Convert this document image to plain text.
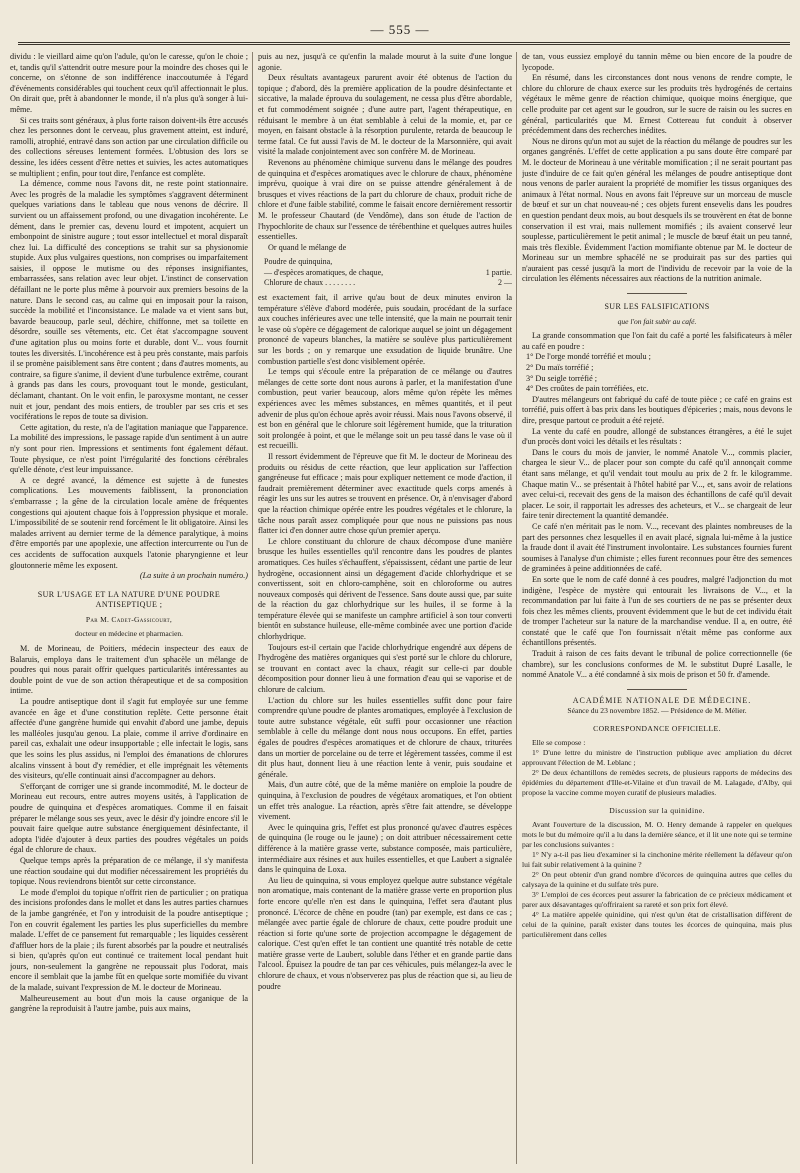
— 555 —

dividu : le vieillard aime qu'on l'adule, qu'on le caresse, qu'on le choie ; et, tandis qu'il s'attendrit outre mesure pour la moindre des choses qui le concerne, on s'étonne de son indifférence inaccoutumée à l'égard d'événements considérables qui touchent ceux qu'il affectionnait le plus. On dirait que, prêt à abandonner le monde, il n'a plus qu'à songer à lui-même.

Si ces traits sont généraux, à plus forte raison doivent-ils être accusés chez les personnes dont le cerveau, plus gravement atteint, est induré, ramolli, atrophié, entravé dans son action par une circulation difficile ou des collections séreuses lentement formées. L'obtusion des lors se dessine, les idées cessent d'être nettes et suivies, les actes automatiques se multiplient ; enfin, pour tout dire, l'enfance est complète.

La démence, comme nous l'avons dit, ne reste point stationnaire. Avec les progrès de la maladie les symptômes s'aggravent déterminent quelques variations dans le tableau que nous venons de décrire. Il survient ou un affaissement profond, ou une divagation incohérente. Le dément, dans le premier cas, devenu lourd et impotent, acquiert un embonpoint de sinistre augure ; tout essor intellectuel et moral disparaît chez lui. La difficulté des conceptions se trahit sur sa physionomie stupide. Aux plus vulgaires questions, non comprises ou imparfaitement saisies, il oppose le mutisme ou des réponses insignifiantes, embarrassées, sans relation avec leur objet. L'instinct de conservation défaillant ne le porte plus même à pourvoir aux premiers besoins de la nature. Dans le second cas, au calme qui en imposait pour la raison, succède la mobilité et l'inconsistance. Le malade va et vient sans but, bavarde beaucoup, parle seul, déchire, chiffonne, met sa toilette en désordre, souille ses vêtements, etc. Cet état s'accompagne souvent d'une agitation plus ou moins forte et durable, dont V... vous fournit toutes les diversités. L'incohérence est à peu près constante, mais parfois il se promène paisiblement sans être content ; dans d'autres moments, au contraire, sa figure s'anime, il devient d'une turbulence extrême, courant à grands pas dans les cours, provoquant tout le monde, gesticulant, déclamant, chantant. On le voit enfin, le paroxysme montant, ne cesser nuit et jour, pendant des mois entiers, de troubler par ses cris et ses vociférations le repos de toute sa division.

Cette agitation, du reste, n'a de l'agitation maniaque que l'apparence. La mobilité des impressions, le passage rapide d'un sentiment à un autre n'y sont pour rien. Impressions et sentiments font également défaut. Toute physique, ce n'est point l'irrégularité des fonctions cérébrales qu'elle dénote, c'est leur impuissance.

A ce degré avancé, la démence est sujette à de funestes complications. Les mouvements faiblissent, la prononciation s'embarrasse ; la gêne de la circulation locale amène de fréquentes congestions qui ajoutent chaque fois à l'oppression physique et morale. L'impossibilité de se soutenir rend forcément le lit obligatoire. Ainsi les malades arrivent au dernier terme de la démence paralytique, à moins d'être emportés par une apoplexie, une affection intercurrente ou l'un de ces accidents de suffocation auxquels l'atonie pharyngienne et leur gloutonnerie même les exposent.

(La suite à un prochain numéro.)

SUR L'USAGE ET LA NATURE D'UNE POUDRE ANTISEPTIQUE ;

Par M. Cadet-Gassicourt,

docteur en médecine et pharmacien.

M. de Morineau, de Poitiers, médecin inspecteur des eaux de Balaruis, employa dans le traitement d'un sphacèle un mélange de poudres qui nous parait offrir quelques particularités intéressantes au double point de vue de son action thérapeutique et de sa composition intime.

La poudre antiseptique dont il s'agit fut employée sur une femme avancée en âge et d'une constitution replète. Cette personne était affectée d'une gangrène humide qui envahit d'abord une jambe, depuis les malléoles jusqu'au genou. La plaie, comme il arrive d'ordinaire en pareil cas, exhalait une odeur insupportable ; elle infectait le logis, sans que les soins les plus assidus, ni l'emploi des émanations de chlorures alcalins vinssent à bout d'y remédier, et elle imprégnait les vêtements des visiteurs, qu'elle continuait ainsi d'accompagner au dehors.

S'efforçant de corriger une si grande incommodité, M. le docteur de Morineau eut recours, entre autres moyens usités, à l'application de poudre de quinquina et d'espèces aromatiques. Comme il en faisait préparer le mélange sous ses yeux, avec le désir d'y joindre encore s'il le pouvait faire quelque autre substance énergiquement désinfectante, il adopta l'idée d'ajouter à deux parties des poudres végétales un poids égal de chlorure de chaux.

Quelque temps après la préparation de ce mélange, il s'y manifesta une réaction soudaine qui dut modifier nécessairement les propriétés du topique. Nous reviendrons bientôt sur cette circonstance.

Le mode d'emploi du topique n'offrit rien de particulier ; on pratiqua des incisions profondes dans le mollet et dans les autres parties charnues de la jambe gangrénée, et l'on y introduisit de la poudre antiseptique ; l'on en couvrit également les parties les plus superficielles du membre malade. L'effet de ce pansement fut remarquable ; les liquides cessèrent d'affluer hors de la plaie ; ils furent absorbés par la poudre et neutralisés si bien, qu'après qu'on eut continué ce traitement local pendant huit jours, non-seulement la gangrène ne repoussait plus l'odorat, mais encore il semblait que la jambe fût en quelque sorte momifiée du vivant de la malade, suivant l'expression de M. le docteur de Morineau.

Malheureusement au bout d'un mois la cause organique de la gangrène la reproduisit à l'autre jambe, puis aux mains,

puis au nez, jusqu'à ce qu'enfin la malade mourut à la suite d'une longue agonie.

Deux résultats avantageux parurent avoir été obtenus de l'action du topique ; d'abord, dès la première application de la poudre désinfectante et siccative, la malade éprouva du soulagement, ne cessa plus d'être abordable, et fut commodément soignée ; d'une autre part, l'agent thérapeutique, en réduisant le membre à un état semblable à celui de la momie, et, par ce moyen, en faisant obstacle à la résorption purulente, retarda de beaucoup le terme fatal. Ce fut aussi l'avis de M. le docteur de la Marsonnière, qui avait visité la malade conjointement avec son confrère M. de Morineau.

Revenons au phénomène chimique survenu dans le mélange des poudres de quinquina et d'espèces aromatiques avec le chlorure de chaux, phénomène imprévu, quoique à vrai dire on se puisse attendre généralement à de brusques et vives réactions de la part du chlorure de chaux, produit riche de chlore et d'une faible stabilité, comme le faisait encore dernièrement ressortir M. le professeur Chautard (de Vendôme), dans son étude de l'action de l'hypochlorite de chaux sur l'essence de térébenthine et quelques autres huiles essentielles.

Or quand le mélange de

Poudre de quinquina,
— d'espèces aromatiques, de chaque,	1 partie.
Chlorure de chaux . . . . . . . .	2 —

est exactement fait, il arrive qu'au bout de deux minutes environ la température s'élève d'abord modérée, puis soudain, procédant de la surface aux couches inférieures avec une telle intensité, que la main ne pourrait tenir le vase où s'opère ce dégagement de calorique auquel se joint un dégagement prononcé de vapeurs blanches, la matière se soulève plus particulièrement sur les bords ; on y remarque une exsudation de liquide brunâtre. Une combustion partielle s'est donc visiblement opérée.

Le temps qui s'écoule entre la préparation de ce mélange ou d'autres mélanges de cette sorte dont nous aurons à parler, et la manifestation d'une combustion, peut varier beaucoup, alors même qu'on répète les mêmes expériences avec les mêmes substances, en mêmes quantités, et il peut advenir de plus qu'on échoue après avoir réussi. Mais nous l'avons observé, il est bon en général que le chlorure soit légèrement humide, que la trituration soit prolongée à point, et que le mélange soit un peu tassé dans le vase où il est recueilli.

Il ressort évidemment de l'épreuve que fit M. le docteur de Morineau des produits ou résidus de cette réaction, que leur application sur l'affection gangréneuse fut efficace ; mais pour expliquer nettement ce mode d'action, il faudrait premièrement déterminer avec exactitude quels corps amenés à réagir les uns sur les autres se trouvent en présence. Or, à n'envisager d'abord que la réaction chimique opérée entre les poudres végétales et le chlorure, la tâche nous paraît assez compliquée pour que nous ne puissions pas nous flatter ici d'en donner autre chose qu'un premier aperçu.

Le chlore constituant du chlorure de chaux décompose d'une manière brusque les huiles essentielles qu'il rencontre dans les poudres de plantes aromatiques. Ces huiles s'échauffent, s'épaississent, cédant une partie de leur hydrogène, occasionnent ainsi un dégagement d'acide chlorhydrique et se convertissent, soit en chloro-camphène, soit en chloroforme ou autres nouveaux composés qui dérivent de l'essence. Sans doute aussi que, par suite de la réaction du gaz chlorhydrique sur les huiles, il se forme à la température élevée qui se manifeste un camphre artificiel à son tour converti bientôt en substance huileuse, elle-même combinée avec une portion d'acide chlorhydrique.

Toujours est-il certain que l'acide chlorhydrique engendré aux dépens de l'hydrogène des matières organiques qui s'est porté sur le chlore du chlorure, se trouvant en contact avec la chaux, réagit sur celle-ci par double décomposition pour donner lieu à une formation d'eau qui se vaporise et de chlorure de calcium.

L'action du chlore sur les huiles essentielles suffit donc pour faire comprendre qu'une poudre de plantes aromatiques, employée à l'exclusion de toute autre substance végétale, eût suffi pour occasionner une réaction semblable à celle du mélange dont nous nous occupons. En effet, parties égales de poudres d'espèces aromatiques et de chlorure de chaux, triturées dans un mortier de porcelaine ou de terre et légèrement tassées, comme il est dit plus haut, donnent lieu à une réaction lente à venir, puis soudaine et générale.

Mais, d'un autre côté, que de la même manière on emploie la poudre de quinquina, à l'exclusion de poudres de végétaux aromatiques, et l'on obtient un effet très analogue. La réaction, après s'être fait attendre, se développe vivement.

Avec le quinquina gris, l'effet est plus prononcé qu'avec d'autres espèces de quinquina (le rouge ou le jaune) ; on doit attribuer nécessairement cette différence à la matière grasse verte, substance composée, mais particulière, intermédiaire aux résines et aux huiles essentielles, et que Laubert a signalée dans le quinquina de Loxa.

Au lieu de quinquina, si vous employez quelque autre substance végétale non aromatique, mais contenant de la matière grasse verte en proportion plus forte encore qu'elle n'en est dans le quinquina, l'effet sera d'autant plus prononcé. L'écorce de chêne en poudre (tan) par exemple, est dans ce cas ; mélangée avec partie égale de chlorure de chaux, cette poudre produit une réaction si forte qu'une sorte de projection accompagne le dégagement de calorique. C'est qu'en effet le tan contient une quantité très notable de cette matière grasse verte de Laubert, soluble dans l'éther et en grande partie dans l'alcool. Épuisez la poudre de tan par ces véhicules, puis mélangez-la avec le chlorure de chaux, et vous n'observerez pas plus de réaction que si, au lieu de poudre

de tan, vous eussiez employé du tannin même ou bien encore de la poudre de lycopode.

En résumé, dans les circonstances dont nous venons de rendre compte, le chlore du chlorure de chaux exerce sur les produits très hydrogénés de certains végétaux le même genre de réaction chimique, quoique moins énergique, que celle produite par cet agent sur le goudron, sur le sucre de raisin ou les sucres en général, particularités que M. Ernest Cottereau fut conduit à observer précédemment dans des recherches inédites.

Nous ne dirons qu'un mot au sujet de la réaction du mélange de poudres sur les organes gangrénés. L'effet de cette application a pu sans doute être comparé par M. le docteur de Morineau à une véritable momification ; il ne serait pourtant pas juste d'induire de ce fait qu'en général les mélanges de poudre antiseptique dont nous venons de parler auraient la propriété de momifier les tissus organiques des animaux à l'état normal. Nous en avons fait l'épreuve sur un morceau de muscle de bœuf et sur un chat nouveau-né ; ces objets furent ensevelis dans les poudres en question pendant deux mois, au bout desquels ils se trouvèrent en état de bonne conservation il est vrai, mais nullement momifiés ; ils avaient conservé leur souplesse, particulièrement le petit animal ; le muscle de bœuf était un peu tanné, mais très flexible. Évidemment l'action momifiante obtenue par M. le docteur de Morineau sur un membre sphacélé ne se produirait pas sur des parties qui n'auraient pas cessé jusqu'à la mort de l'individu de recevoir par la voie de la circulation les éléments nécessaires aux réactions de la nutrition animale.

SUR LES FALSIFICATIONS

que l'on fait subir au café.

La grande consommation que l'on fait du café a porté les falsificateurs à mêler au café en poudre :

1° De l'orge mondé torréfié et moulu ;

2° Du maïs torréfié ;

3° Du seigle torréfié ;

4° Des croûtes de pain torréfiées, etc.

D'autres mélangeurs ont fabriqué du café de toute pièce ; ce café en grains est torréfié, puis offert à bas prix dans les boutiques d'épiceries ; mais, nous devons le dire, presque partout ce produit a été rejeté.

La vente du café en poudre, allongé de substances étrangères, a été le sujet d'un procès dont voici les détails et les résultats :

Dans le cours du mois de janvier, le nommé Anatole V..., commis placier, chargea le sieur V... de placer pour son compte du café qu'il annonçait comme étant sans mélange, et qu'il vendait tout moulu au prix de 2 fr. le kilogramme. Chaque matin V... se présentait à l'hôtel habité par V..., et, sans avoir de relations avec celui-ci, recevait des gens de la maison des échantillons de café qu'il devait placer. Le soir, il rapportait les adresses des acheteurs, et V... se chargeait de leur faire tenir directement la quantité demandée.

Ce café n'en méritait pas le nom. V..., recevant des plaintes nombreuses de la part des personnes chez lesquelles il en avait placé, signala lui-même à la justice la fraude dont il avait été l'instrument involontaire. Les substances fournies furent soumises à l'analyse d'un chimiste ; elles furent reconnues pour être des semences de graminées à peine additionnées de café.

En sorte que le nom de café donné à ces poudres, malgré l'adjonction du mot indigène, l'espèce de mystère qui entourait les livraisons de V..., et la recommandation par lui faite à l'un de ses courtiers de ne pas se présenter deux fois chez les mêmes clients, prouvent évidemment que le but de cet individu était de tromper l'acheteur sur la nature de la marchandise vendue. Il a, en outre, été constaté que le café que l'on fournissait n'était même pas conforme aux échantillons présentés.

Traduit à raison de ces faits devant le tribunal de police correctionnelle (6e chambre), sur les conclusions conformes de M. le substitut Dupré Lasalle, le nommé Anatole V... a été condamné à six mois de prison et 50 fr. d'amende.

ACADÉMIE NATIONALE DE MÉDECINE.

Séance du 23 novembre 1852. — Présidence de M. Mélier.

CORRESPONDANCE OFFICIELLE.

Elle se compose :

1° D'une lettre du ministre de l'instruction publique avec ampliation du décret approuvant l'élection de M. Leblanc ;

2° De deux échantillons de remèdes secrets, de plusieurs rapports de médecins des épidémies du département d'Ille-et-Vilaine et d'un travail de M. Lalagade, d'Alby, qui propose la vaccine comme moyen curatif de plusieurs maladies.

Discussion sur la quinidine.

Avant l'ouverture de la discussion, M. O. Henry demande à rappeler en quelques mots le but du mémoire qu'il a lu dans la dernière séance, et il lit une note qui se termine par les conclusions suivantes :

1° N'y a-t-il pas lieu d'examiner si la cinchonine mérite réellement la défaveur qu'on lui fait subir relativement à la quinine ?

2° On peut obtenir d'un grand nombre d'écorces de quinquina autres que celles du calysaya de la quinine et du sulfate très pure.

3° L'emploi de ces écorces peut assurer la fabrication de ce précieux médicament et parer aux désavantages qu'offriraient sa rareté et son prix fort élevé.

4° La matière appelée quinidine, qui n'est qu'un état de cristallisation différent de celui de la quinine, paraît exister dans toutes les écorces de quinquina, mais plus particulièrement dans celles
